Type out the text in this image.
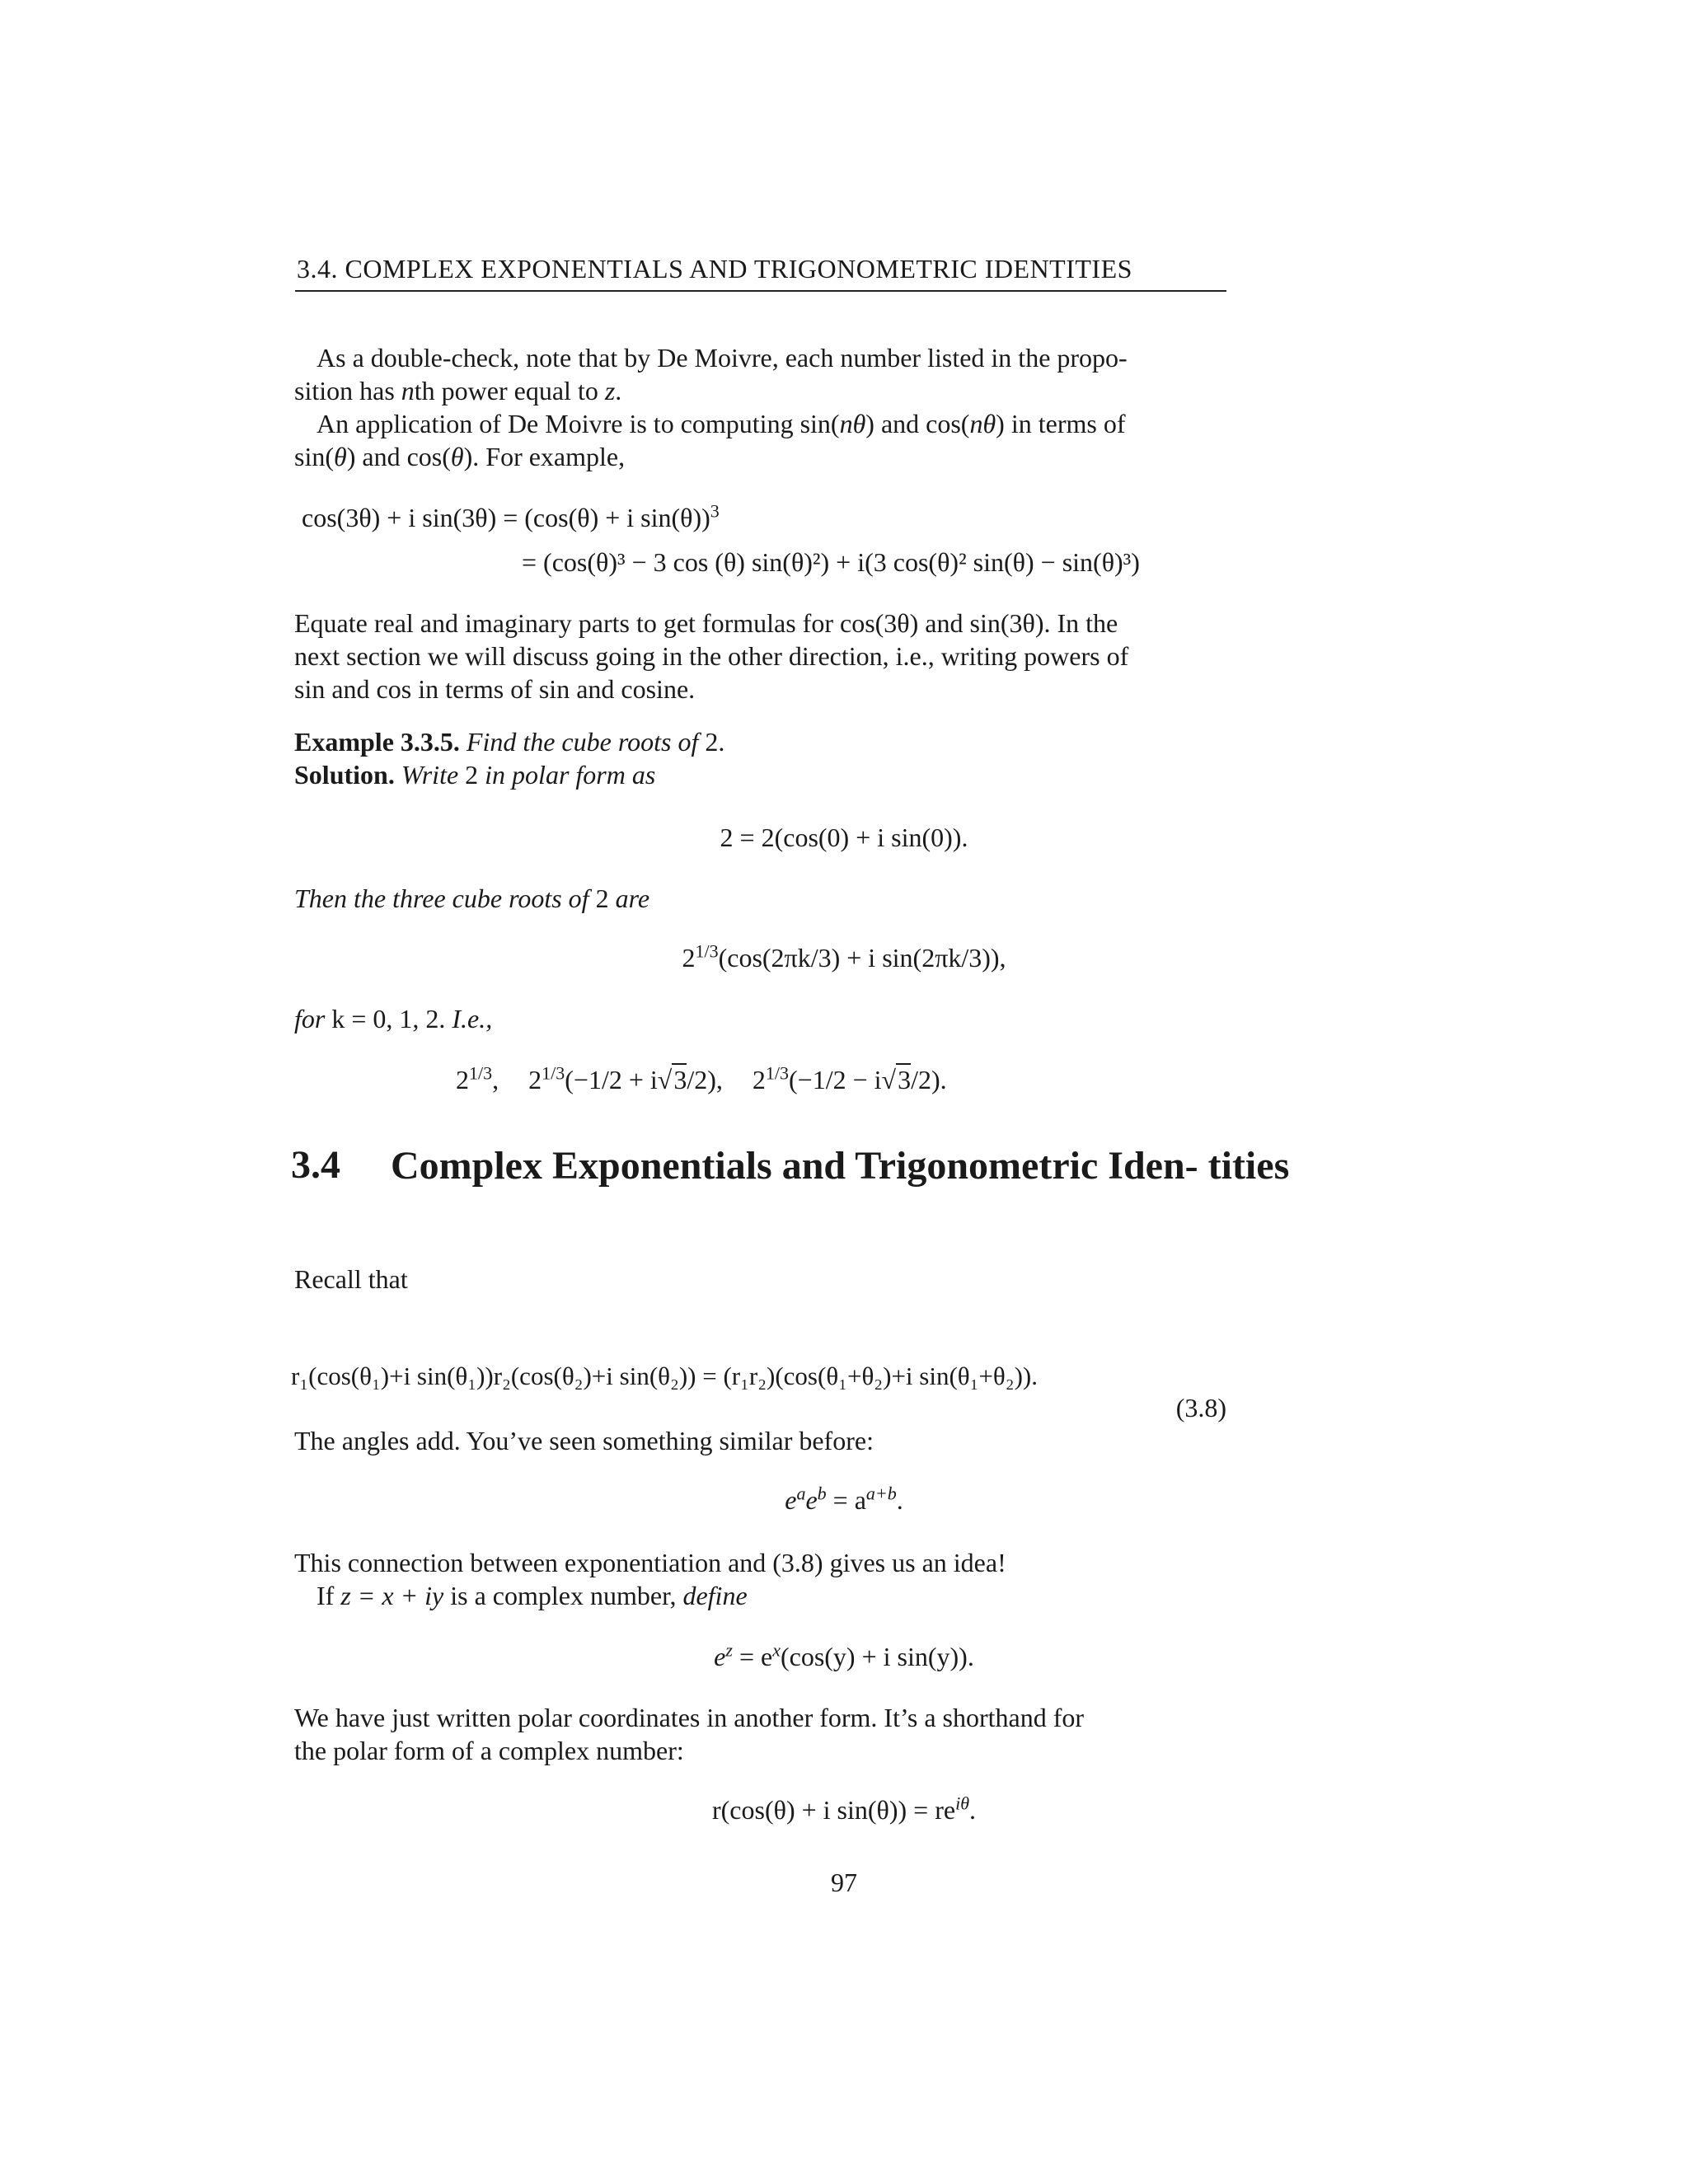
3.4. COMPLEX EXPONENTIALS AND TRIGONOMETRIC IDENTITIES
As a double-check, note that by De Moivre, each number listed in the propo-
sition has nth power equal to z.
An application of De Moivre is to computing sin(nθ) and cos(nθ) in terms of
sin(θ) and cos(θ). For example,
cos(3θ) + i sin(3θ) = (cos(θ) + i sin(θ))$^3$
= (cos(θ)³ − 3 cos (θ) sin(θ)²) + i(3 cos(θ)² sin(θ) − sin(θ)³)
Equate real and imaginary parts to get formulas for cos(3θ) and sin(3θ). In the
next section we will discuss going in the other direction, i.e., writing powers of
sin and cos in terms of sin and cosine.
Example 3.3.5. Find the cube roots of 2.
Solution. Write 2 in polar form as
2 = 2(cos(0) + i sin(0)).
Then the three cube roots of 2 are
$2^{1/3}(\cos(2\pi k/3) + i$ sin(2πk/3)),
for k = 0, 1, 2. I.e.,
$2^{1/3}$, $2^{1/3}(-1/2 + i√3/2)$, $2^{1/3}(-1/2 - i√3/2)$.
3.4 Complex Exponentials and Trigonometric Iden- tities
Recall that
r₁(cos(θ₁)+i sin(θ₁))r₂(cos(θ₂)+i sin(θ₂)) = (r₁r₂)(cos(θ₁+θ₂)+i sin(θ₁+θ₂)).
(3.8)
The angles add. You’ve seen something similar before:
$e^ae^b = a^{a+b}$.
This connection between exponentiation and (3.8) gives us an idea!
If z = x + iy is a complex number, define
$e^z = e^x(\cos(y) + i$ sin(y)).
We have just written polar coordinates in another form. It’s a shorthand for
the polar form of a complex number:
r(cos(θ) + i $\sin(\theta)) = re^{i\theta}$.
97
